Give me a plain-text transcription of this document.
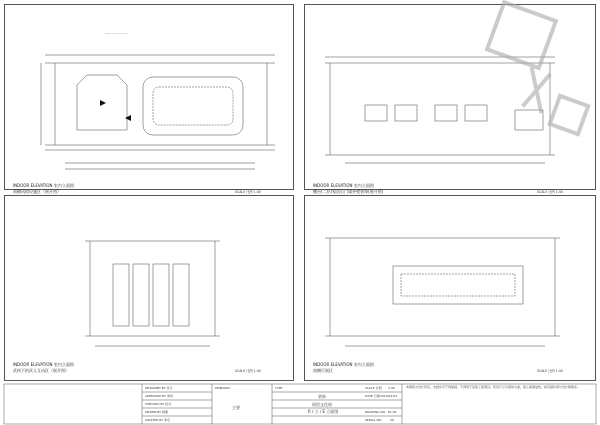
—— —— —— ——
INDOOR ELEVATION 室内立面图
南侧风情设施区（展开图）	SCALE 比例 1:40
INDOOR ELEVATION 室内立面图
棚台(二层)家居后门墙外壁装饰(展开图)	SCALE 比例 1:40
INDOOR ELEVATION 室内立面图
武侠下的武人互动区（展开图）	SCALE 比例 1:40
INDOOR ELEVATION 室内立面图
南侧行展区	SCALE 比例 1:40
DESIGNED BY 设计
APPROVED BY 审核
CHECKED BY 校对
DRAWN BY 制图
AUDITED BY 审定
PRINCIPAL
主要
TYPE
装饰
展馆文化展
R / 立 / E 立面图
SCALE 比例 1:40
DATE 日期 2019/01/01
DRAWING NO. EL-09
SERIAL NO.	29
本图纸为设计所有，未经许可不得复制，不得用于其他工程项目。所有尺寸以现场为准，施工前须复核，如有疑问请与设计师联系。
